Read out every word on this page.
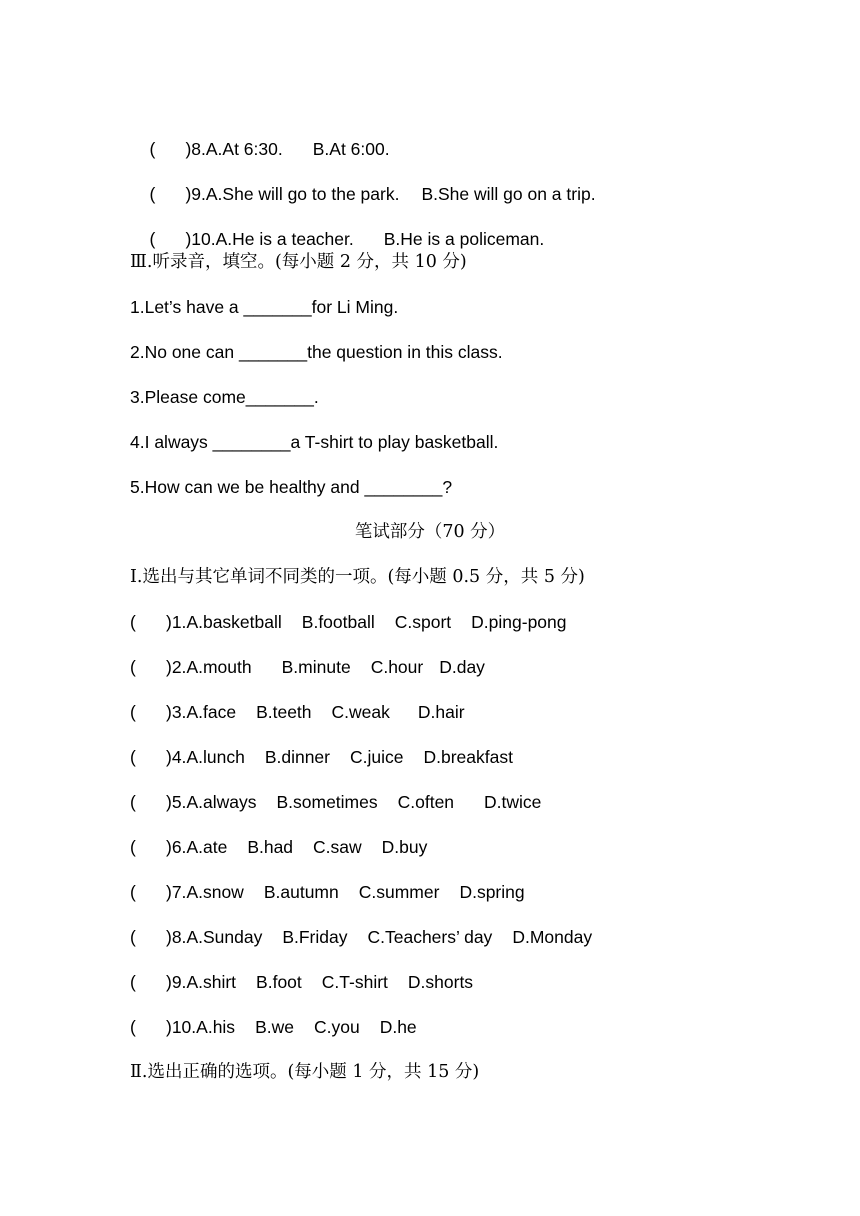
( )8.A.At 6:30. B.At 6:00.

( )9.A.She will go to the park. B.She will go on a trip.

( )10.A.He is a teacher. B.He is a policeman.

Ⅲ.听录音，填空。(每小题 2 分，共 10 分)
1.Let’s have a _______for Li Ming.
2.No one can _______the question in this class.
3.Please come_______.
4.I always ________a T-shirt to play basketball.
5.How can we be healthy and ________?
笔试部分（70 分）
Ⅰ.选出与其它单词不同类的一项。(每小题 0.5 分，共 5 分)
( )1.A.basketball B.football C.sport D.ping-pong
( )2.A.mouth B.minute C.hour D.day
( )3.A.face B.teeth C.weak D.hair
( )4.A.lunch B.dinner C.juice D.breakfast
( )5.A.always B.sometimes C.often D.twice
( )6.A.ate B.had C.saw D.buy
( )7.A.snow B.autumn C.summer D.spring
( )8.A.Sunday B.Friday C.Teachers’ day D.Monday
( )9.A.shirt B.foot C.T-shirt D.shorts
( )10.A.his B.we C.you D.he
Ⅱ.选出正确的选项。(每小题 1 分，共 15 分)
